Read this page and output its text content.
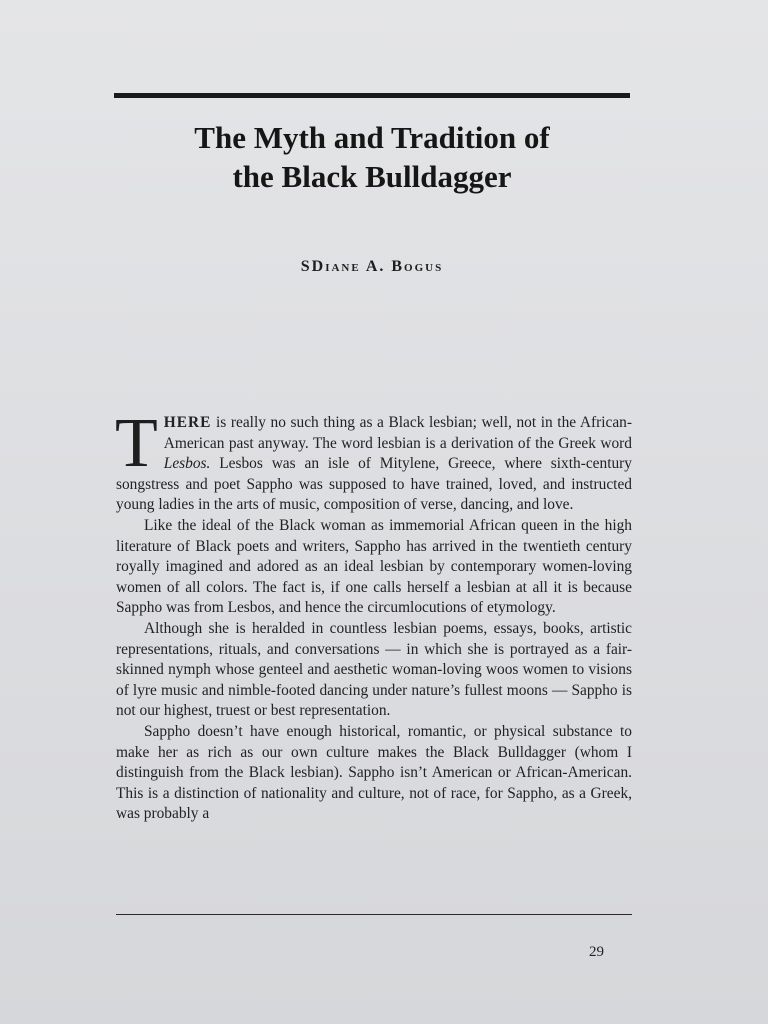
The Myth and Tradition of
the Black Bulldagger
SDiane A. Bogus

THERE is really no such thing as a Black lesbian; well, not in the African-American past anyway. The word lesbian is a derivation of the Greek word Lesbos. Lesbos was an isle of Mitylene, Greece, where sixth-century songstress and poet Sappho was supposed to have trained, loved, and instructed young ladies in the arts of music, composition of verse, dancing, and love.

Like the ideal of the Black woman as immemorial African queen in the high literature of Black poets and writers, Sappho has arrived in the twentieth century royally imagined and adored as an ideal lesbian by contemporary women-loving women of all colors. The fact is, if one calls herself a lesbian at all it is because Sappho was from Lesbos, and hence the circumlocutions of etymology.

Although she is heralded in countless lesbian poems, essays, books, artistic representations, rituals, and conversations — in which she is portrayed as a fair-skinned nymph whose genteel and aesthetic woman-loving woos women to visions of lyre music and nimble-footed dancing under nature’s fullest moons — Sappho is not our highest, truest or best representation.

Sappho doesn’t have enough historical, romantic, or physical substance to make her as rich as our own culture makes the Black Bulldagger (whom I distinguish from the Black lesbian). Sappho isn’t American or African-American. This is a distinction of nationality and culture, not of race, for Sappho, as a Greek, was probably a

29
